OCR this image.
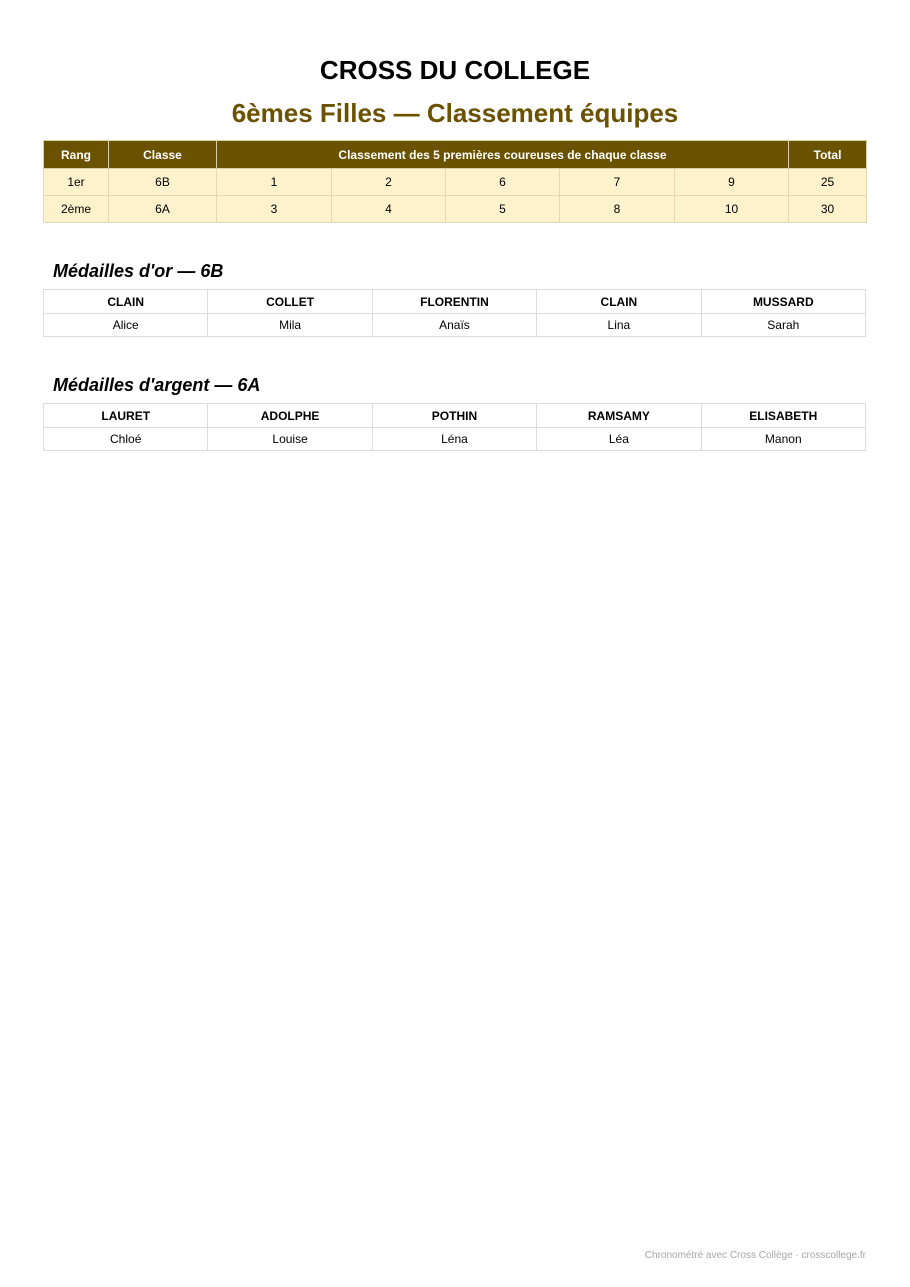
CROSS DU COLLEGE
6èmes Filles — Classement équipes
Rang	Classe	Classement des 5 premières coureuses de chaque classe					Total
1er	6B	1	2	6	7	9	25
2ème	6A	3	4	5	8	10	30
Médailles d'or — 6B
CLAIN	COLLET	FLORENTIN	CLAIN	MUSSARD
Alice	Mila	Anaïs	Lina	Sarah
Médailles d'argent — 6A
LAURET	ADOLPHE	POTHIN	RAMSAMY	ELISABETH
Chloé	Louise	Léna	Léa	Manon
Chronométré avec Cross Collège · crosscollege.fr
